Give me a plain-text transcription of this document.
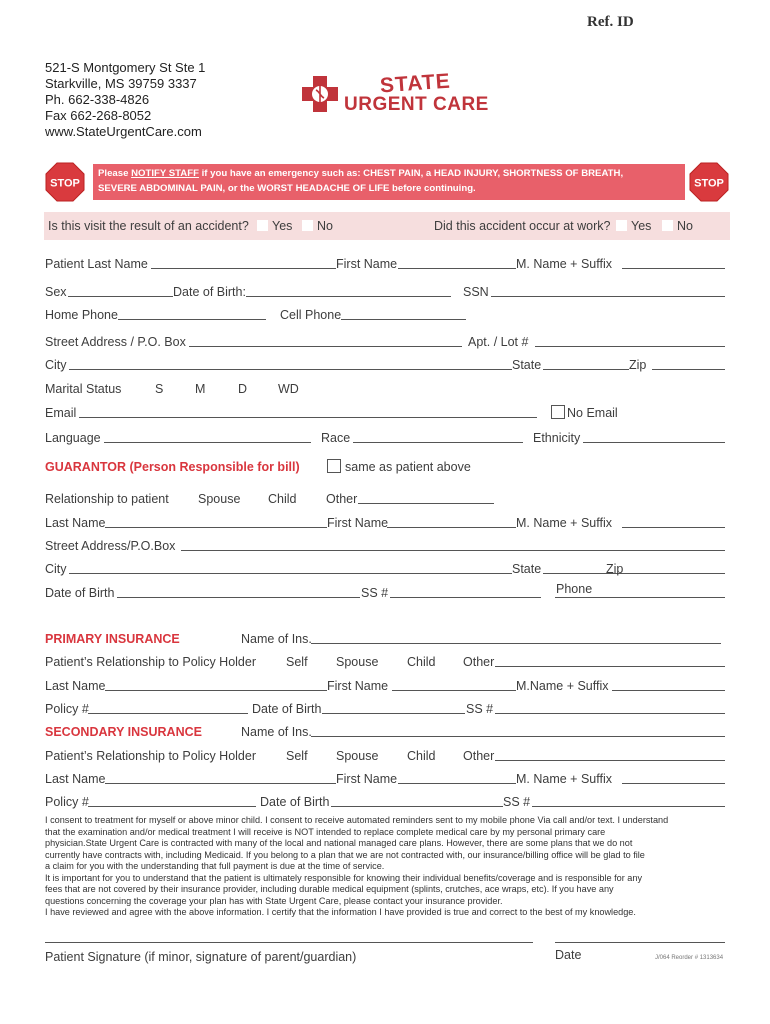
Ref. ID
521-S Montgomery St Ste 1
Starkville, MS 39759 3337
Ph. 662-338-4826
Fax 662-268-8052
www.StateUrgentCare.com
STATE
URGENT CARE
Please NOTIFY STAFF if you have an emergency such as: CHEST PAIN, a HEAD INJURY, SHORTNESS OF BREATH,
SEVERE ABDOMINAL PAIN, or the WORST HEADACHE OF LIFE before continuing.
STOP	STOP
Is this visit the result of an accident?	Yes	No	Did this accident occur at work?	Yes	No
Patient Last Name	First Name	M. Name + Suffix
Sex	Date of Birth:	SSN
Home Phone	Cell Phone
Street Address / P.O. Box	Apt. / Lot #
City	State	Zip
Marital Status	S	M	D WD
Email	No Email
Language	Race	Ethnicity
GUARANTOR (Person Responsible for bill)	same as patient above
Relationship to patient Spouse Child Other
Last Name	First Name	M. Name + Suffix
Street Address/P.O.Box
City	State	Zip
Date of Birth	SS #	Phone
PRIMARY INSURANCE	Name of Ins.
Patient’s Relationship to Policy Holder Self Spouse Child Other
Last Name	First Name	M.Name + Suffix
Policy #	Date of Birth	SS #
SECONDARY INSURANCE	Name of Ins.
Patient’s Relationship to Policy Holder Self Spouse Child Other
Last Name	First Name	M. Name + Suffix
Policy #	Date of Birth	SS #
I consent to treatment for myself or above minor child. I consent to receive automated reminders sent to my mobile phone Via call and/or text. I understand
that the examination and/or medical treatment I will receive is NOT intended to replace complete medical care by my personal primary care
physician.State Urgent Care is contracted with many of the local and national managed care plans. However, there are some plans that we do not
currently have contracts with, including Medicaid. If you belong to a plan that we are not contracted with, our insurance/billing office will be glad to file
a claim for you with the understanding that full payment is due at the time of service.
It is important for you to understand that the patient is ultimately responsible for knowing their individual benefits/coverage and is responsible for any
fees that are not covered by their insurance provider, including durable medical equipment (splints, crutches, ace wraps, etc). If you have any
questions concerning the coverage your plan has with State Urgent Care, please contact your insurance provider.
I have reviewed and agree with the above information. I certify that the information I have provided is true and correct to the best of my knowledge.
Patient Signature (if minor, signature of parent/guardian)	Date	J/064 Reorder # 1313634
